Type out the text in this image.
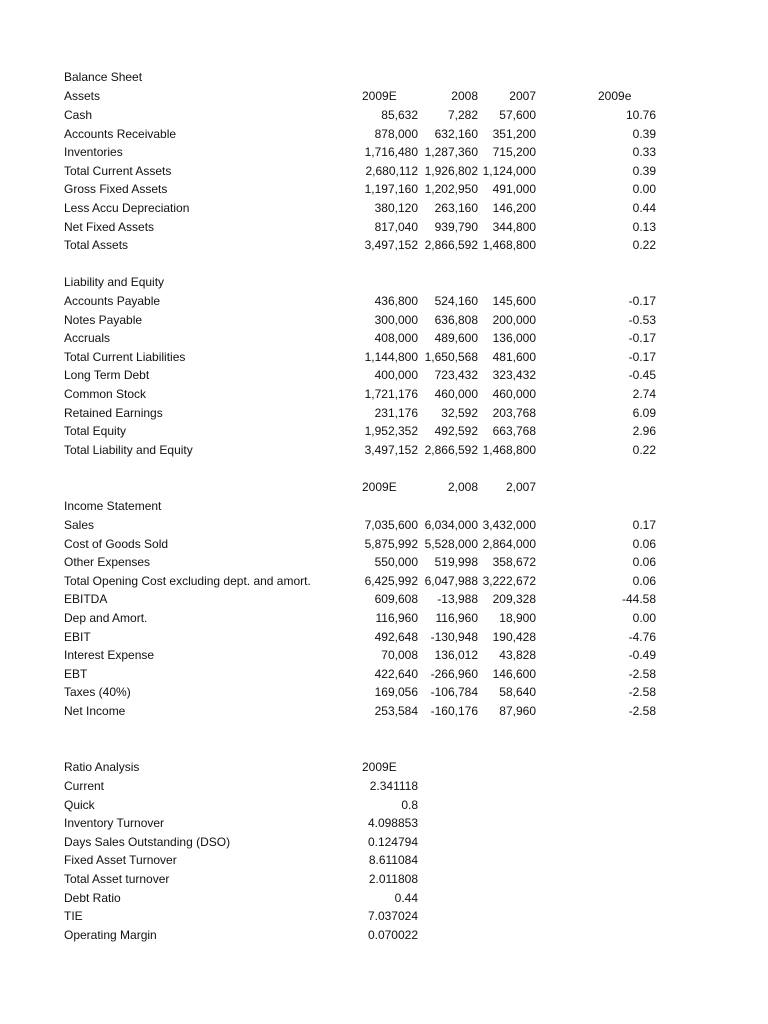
Balance Sheet
Assets	2009E	2008	2007	2009e
Cash	85,632	7,282	57,600	10.76
Accounts Receivable	878,000	632,160	351,200	0.39
Inventories	1,716,480 1,287,360	715,200	0.33
Total Current Assets	2,680,112 1,926,802 1,124,000	0.39
Gross Fixed Assets	1,197,160 1,202,950	491,000	0.00
Less Accu Depreciation	380,120	263,160	146,200	0.44
Net Fixed Assets	817,040	939,790	344,800	0.13
Total Assets	3,497,152 2,866,592 1,468,800	0.22
Liability and Equity
Accounts Payable	436,800	524,160	145,600	-0.17
Notes Payable	300,000	636,808	200,000	-0.53
Accruals	408,000	489,600	136,000	-0.17
Total Current Liabilities	1,144,800 1,650,568	481,600	-0.17
Long Term Debt	400,000	723,432	323,432	-0.45
Common Stock	1,721,176	460,000	460,000	2.74
Retained Earnings	231,176	32,592	203,768	6.09
Total Equity	1,952,352	492,592	663,768	2.96
Total Liability and Equity	3,497,152 2,866,592 1,468,800	0.22
2009E	2,008	2,007
Income Statement
Sales	7,035,600 6,034,000 3,432,000	0.17
Cost of Goods Sold	5,875,992 5,528,000 2,864,000	0.06
Other Expenses	550,000	519,998	358,672	0.06
Total Opening Cost excluding dept. and amort.	6,425,992 6,047,988 3,222,672	0.06
EBITDA	609,608	-13,988	209,328	-44.58
Dep and Amort.	116,960	116,960	18,900	0.00
EBIT	492,648	-130,948	190,428	-4.76
Interest Expense	70,008	136,012	43,828	-0.49
EBT	422,640	-266,960	146,600	-2.58
Taxes (40%)	169,056	-106,784	58,640	-2.58
Net Income	253,584	-160,176	87,960	-2.58
Ratio Analysis	2009E
Current	2.341118
Quick	0.8
Inventory Turnover	4.098853
Days Sales Outstanding (DSO)	0.124794
Fixed Asset Turnover	8.611084
Total Asset turnover	2.011808
Debt Ratio	0.44
TIE	7.037024
Operating Margin	0.070022
